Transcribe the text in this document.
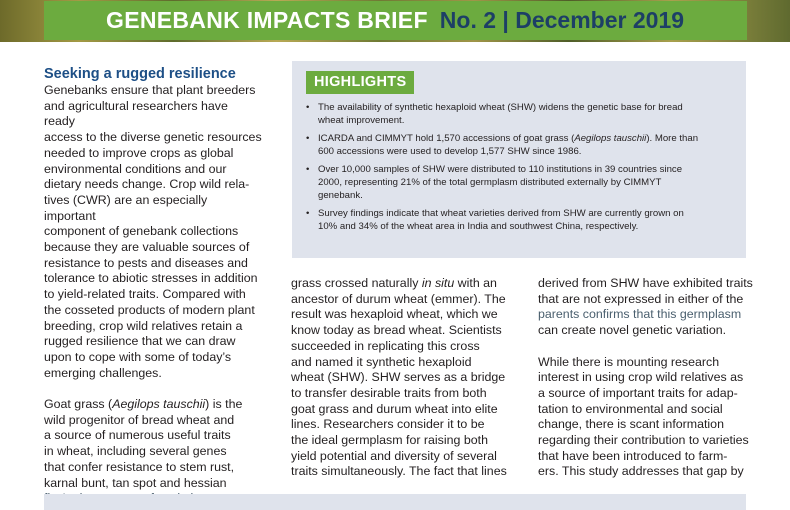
GENEBANK IMPACTS BRIEF No. 2 | December 2019
Seeking a rugged resilience

Genebanks ensure that plant breeders
and agricultural researchers have ready
access to the diverse genetic resources
needed to improve crops as global
environmental conditions and our
dietary needs change. Crop wild rela-
tives (CWR) are an especially important
component of genebank collections
because they are valuable sources of
resistance to pests and diseases and
tolerance to abiotic stresses in addition
to yield-related traits. Compared with
the cosseted products of modern plant
breeding, crop wild relatives retain a
rugged resilience that we can draw
upon to cope with some of today’s
emerging challenges.

Goat grass (Aegilops tauschii) is the
wild progenitor of bread wheat and
a source of numerous useful traits
in wheat, including several genes
that confer resistance to stem rust,
karnal bunt, tan spot and hessian

HIGHLIGHTS
• The availability of synthetic hexaploid wheat (SHW) widens the genetic base for bread
wheat improvement.
• ICARDA and CIMMYT hold 1,570 accessions of goat grass (Aegilops tauschii). More than
600 accessions were used to develop 1,577 SHW since 1986.
• Over 10,000 samples of SHW were distributed to 110 institutions in 39 countries since
2000, representing 21% of the total germplasm distributed externally by CIMMYT
genebank.
• Survey findings indicate that wheat varieties derived from SHW are currently grown on
10% and 34% of the wheat area in India and southwest China, respectively.

grass crossed naturally in situ with an
ancestor of durum wheat (emmer). The
result was hexaploid wheat, which we
know today as bread wheat. Scientists
succeeded in replicating this cross
and named it synthetic hexaploid
wheat (SHW). SHW serves as a bridge
to transfer desirable traits from both
goat grass and durum wheat into elite
lines. Researchers consider it to be
the ideal germplasm for raising both
yield potential and diversity of several
traits simultaneously. The fact that lines

derived from SHW have exhibited traits
that are not expressed in either of the
parents confirms that this germplasm
can create novel genetic variation.

While there is mounting research
interest in using crop wild relatives as
a source of important traits for adap-
tation to environmental and social
change, there is scant information
regarding their contribution to varieties
that have been introduced to farm-
ers. This study addresses that gap by
